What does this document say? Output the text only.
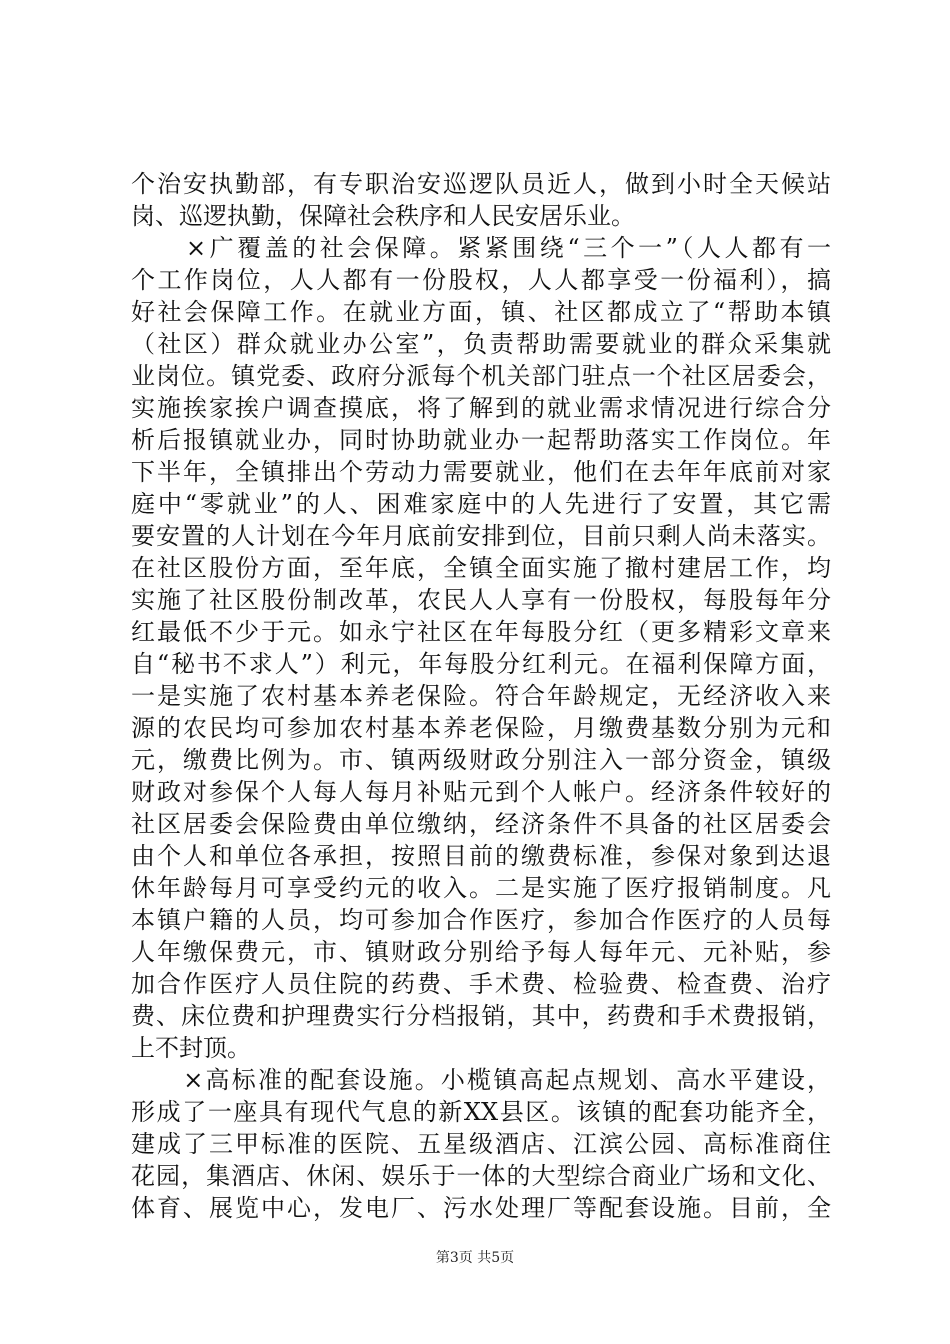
个治安执勤部，有专职治安巡逻队员近人，做到小时全天候站
岗、巡逻执勤，保障社会秩序和人民安居乐业。
　　×广覆盖的社会保障。紧紧围绕“三个一”（人人都有一
个工作岗位，人人都有一份股权，人人都享受一份福利），搞
好社会保障工作。在就业方面，镇、社区都成立了“帮助本镇
（社区）群众就业办公室”，负责帮助需要就业的群众采集就
业岗位。镇党委、政府分派每个机关部门驻点一个社区居委会，
实施挨家挨户调查摸底，将了解到的就业需求情况进行综合分
析后报镇就业办，同时协助就业办一起帮助落实工作岗位。年
下半年，全镇排出个劳动力需要就业，他们在去年年底前对家
庭中“零就业”的人、困难家庭中的人先进行了安置，其它需
要安置的人计划在今年月底前安排到位，目前只剩人尚未落实。
在社区股份方面，至年底，全镇全面实施了撤村建居工作，均
实施了社区股份制改革，农民人人享有一份股权，每股每年分
红最低不少于元。如永宁社区在年每股分红（更多精彩文章来
自“秘书不求人”）利元，年每股分红利元。在福利保障方面，
一是实施了农村基本养老保险。符合年龄规定，无经济收入来
源的农民均可参加农村基本养老保险，月缴费基数分别为元和
元，缴费比例为。市、镇两级财政分别注入一部分资金，镇级
财政对参保个人每人每月补贴元到个人帐户。经济条件较好的
社区居委会保险费由单位缴纳，经济条件不具备的社区居委会
由个人和单位各承担，按照目前的缴费标准，参保对象到达退
休年龄每月可享受约元的收入。二是实施了医疗报销制度。凡
本镇户籍的人员，均可参加合作医疗，参加合作医疗的人员每
人年缴保费元，市、镇财政分别给予每人每年元、元补贴，参
加合作医疗人员住院的药费、手术费、检验费、检查费、治疗
费、床位费和护理费实行分档报销，其中，药费和手术费报销，
上不封顶。
　　×高标准的配套设施。小榄镇高起点规划、高水平建设，
形成了一座具有现代气息的新XX县区。该镇的配套功能齐全，
建成了三甲标准的医院、五星级酒店、江滨公园、高标准商住
花园，集酒店、休闲、娱乐于一体的大型综合商业广场和文化、
体育、展览中心，发电厂、污水处理厂等配套设施。目前，全
第3页 共5页
